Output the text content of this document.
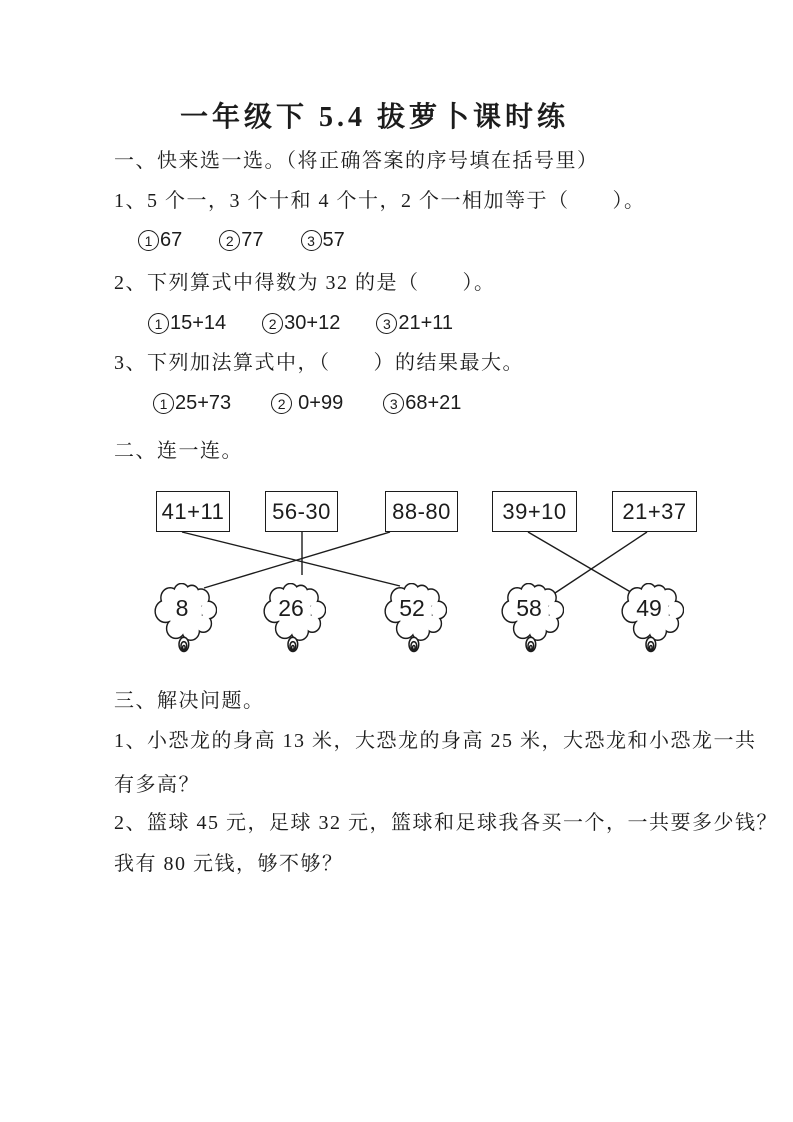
一年级下 5.4 拔萝卜课时练
一、快来选一选。（将正确答案的序号填在括号里）
1、5 个一，3 个十和 4 个十，2 个一相加等于（　　）。
1 67	2 77	3 57
2、下列算式中得数为 32 的是（　　）。
1 15+14	2 30+12	3 21+11
3、下列加法算式中，（　　）的结果最大。
1 25+73	2 0+99	3 68+21
二、连一连。
41+11	56-30	88-80	39+10	21+37
8	26	52	58	49
三、解决问题。
1、小恐龙的身高 13 米，大恐龙的身高 25 米，大恐龙和小恐龙一共
有多高？
2、篮球 45 元，足球 32 元，篮球和足球我各买一个，一共要多少钱？
我有 80 元钱，够不够？
